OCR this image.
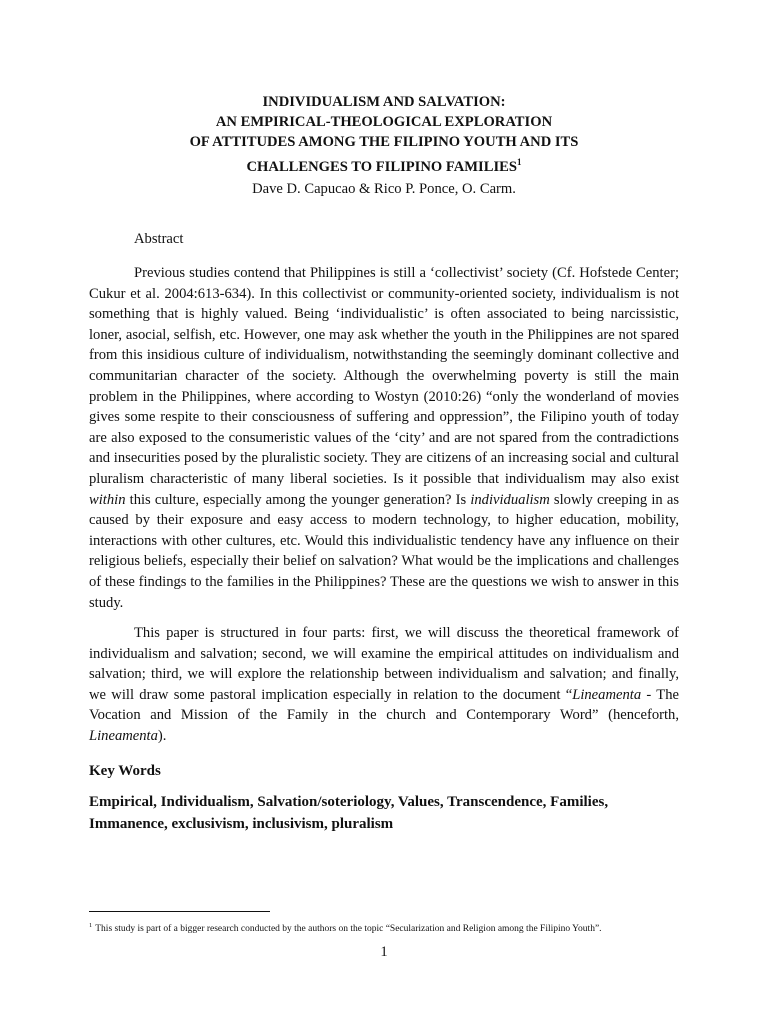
INDIVIDUALISM AND SALVATION:
AN EMPIRICAL-THEOLOGICAL EXPLORATION
OF ATTITUDES AMONG THE FILIPINO YOUTH AND ITS
CHALLENGES TO FILIPINO FAMILIES$^1$

Dave D. Capucao & Rico P. Ponce, O. Carm.

Abstract

Previous studies contend that Philippines is still a ‘collectivist’ society (Cf. Hofstede Center; Cukur et al. 2004:613-634). In this collectivist or community-oriented society, individualism is not something that is highly valued. Being ‘individualistic’ is often associated to being narcissistic, loner, asocial, selfish, etc. However, one may ask whether the youth in the Philippines are not spared from this insidious culture of individualism, notwithstanding the seemingly dominant collective and communitarian character of the society. Although the overwhelming poverty is still the main problem in the Philippines, where according to Wostyn (2010:26) “only the wonderland of movies gives some respite to their consciousness of suffering and oppression”, the Filipino youth of today are also exposed to the consumeristic values of the ‘city’ and are not spared from the contradictions and insecurities posed by the pluralistic society. They are citizens of an increasing social and cultural pluralism characteristic of many liberal societies. Is it possible that individualism may also exist within this culture, especially among the younger generation? Is individualism slowly creeping in as caused by their exposure and easy access to modern technology, to higher education, mobility, interactions with other cultures, etc. Would this individualistic tendency have any influence on their religious beliefs, especially their belief on salvation? What would be the implications and challenges of these findings to the families in the Philippines? These are the questions we wish to answer in this study.

This paper is structured in four parts: first, we will discuss the theoretical framework of individualism and salvation; second, we will examine the empirical attitudes on individualism and salvation; third, we will explore the relationship between individualism and salvation; and finally, we will draw some pastoral implication especially in relation to the document “Lineamenta - The Vocation and Mission of the Family in the church and Contemporary Word” (henceforth, Lineamenta).

Key Words

Empirical, Individualism, Salvation/soteriology, Values, Transcendence, Families,
Immanence, exclusivism, inclusivism, pluralism

$^1$ This study is part of a bigger research conducted by the authors on the topic “Secularization and Religion among the Filipino Youth”.

1
